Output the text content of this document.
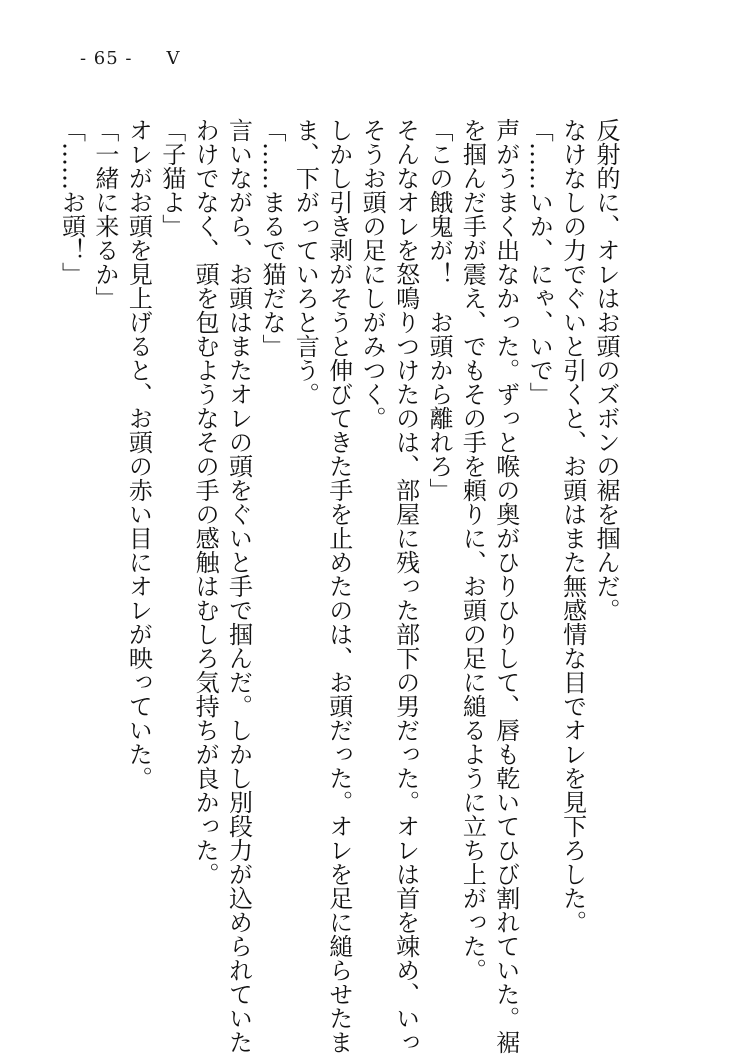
- 65 - V
反射的に、オレはお頭のズボンの裾を掴んだ。
なけなしの力でぐいと引くと、お頭はまた無感情な目でオレを見下ろした。
「……いか、にゃ、いで」
声がうまく出なかった。ずっと喉の奥がひりひりして、唇も乾いてひび割れていた。裾
を掴んだ手が震え、でもその手を頼りに、お頭の足に縋るように立ち上がった。
「この餓鬼が！　お頭から離れろ」
そんなオレを怒鳴りつけたのは、部屋に残った部下の男だった。オレは首を竦め、いっ
そうお頭の足にしがみつく。
しかし引き剥がそうと伸びてきた手を止めたのは、お頭だった。オレを足に縋らせたま
ま、下がっていろと言う。
「……まるで猫だな」
言いながら、お頭はまたオレの頭をぐいと手で掴んだ。しかし別段力が込められていた
わけでなく、頭を包むようなその手の感触はむしろ気持ちが良かった。
「子猫よ」
オレがお頭を見上げると、お頭の赤い目にオレが映っていた。
「一緒に来るか」
「……お頭！」
